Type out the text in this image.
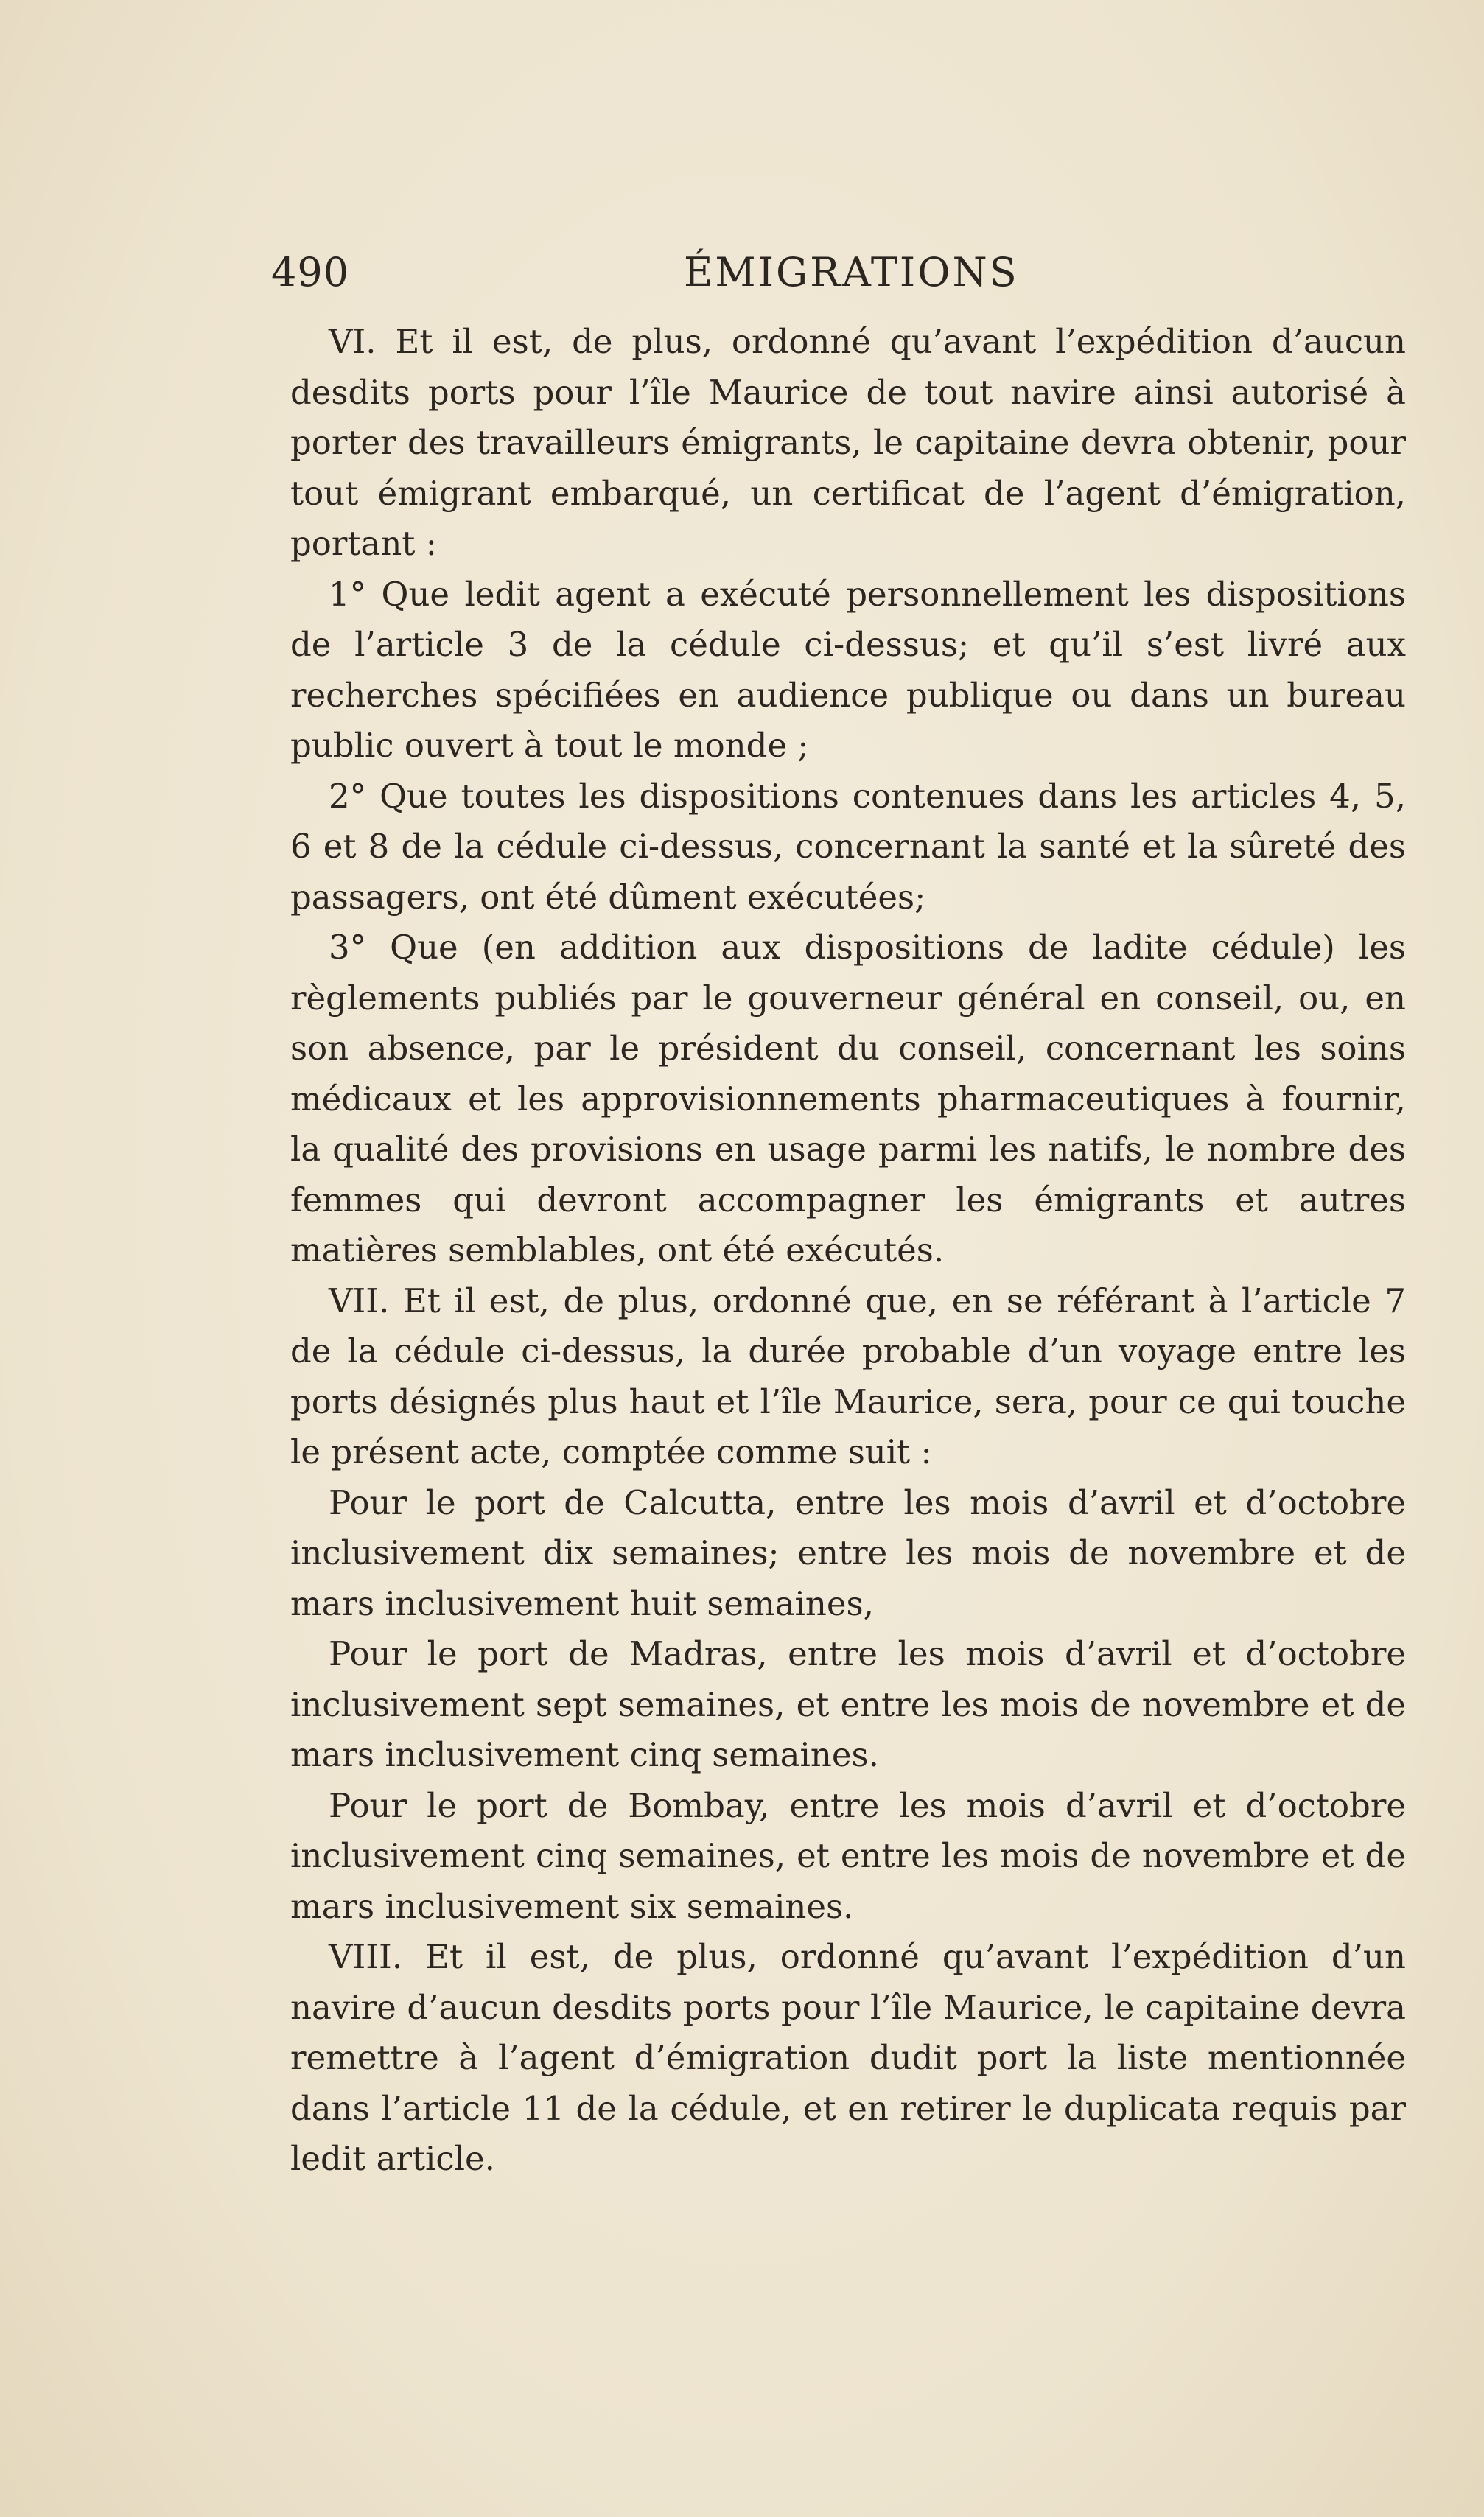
490	ÉMIGRATIONS

VI. Et il est, de plus, ordonné qu’avant l’expédition d’aucun desdits ports pour l’île Maurice de tout navire ainsi autorisé à porter des travailleurs émigrants, le capitaine devra obtenir, pour tout émigrant embarqué, un certificat de l’agent d’émigration, portant :

1° Que ledit agent a exécuté personnellement les dispositions de l’article 3 de la cédule ci-dessus; et qu’il s’est livré aux recherches spécifiées en audience publique ou dans un bureau public ouvert à tout le monde ;

2° Que toutes les dispositions contenues dans les articles 4, 5, 6 et 8 de la cédule ci-dessus, concernant la santé et la sûreté des passagers, ont été dûment exécutées;

3° Que (en addition aux dispositions de ladite cédule) les règlements publiés par le gouverneur général en conseil, ou, en son absence, par le président du conseil, concernant les soins médicaux et les approvisionnements pharmaceutiques à fournir, la qualité des provisions en usage parmi les natifs, le nombre des femmes qui devront accompagner les émigrants et autres matières semblables, ont été exécutés.

VII. Et il est, de plus, ordonné que, en se référant à l’article 7 de la cédule ci-dessus, la durée probable d’un voyage entre les ports désignés plus haut et l’île Maurice, sera, pour ce qui touche le présent acte, comptée comme suit :

Pour le port de Calcutta, entre les mois d’avril et d’octobre inclusivement dix semaines; entre les mois de novembre et de mars inclusivement huit semaines,

Pour le port de Madras, entre les mois d’avril et d’octobre inclusivement sept semaines, et entre les mois de novembre et de mars inclusivement cinq semaines.

Pour le port de Bombay, entre les mois d’avril et d’octobre inclusivement cinq semaines, et entre les mois de novembre et de mars inclusivement six semaines.

VIII. Et il est, de plus, ordonné qu’avant l’expédition d’un navire d’aucun desdits ports pour l’île Maurice, le capitaine devra remettre à l’agent d’émigration dudit port la liste mentionnée dans l’article 11 de la cédule, et en retirer le duplicata requis par ledit article.
